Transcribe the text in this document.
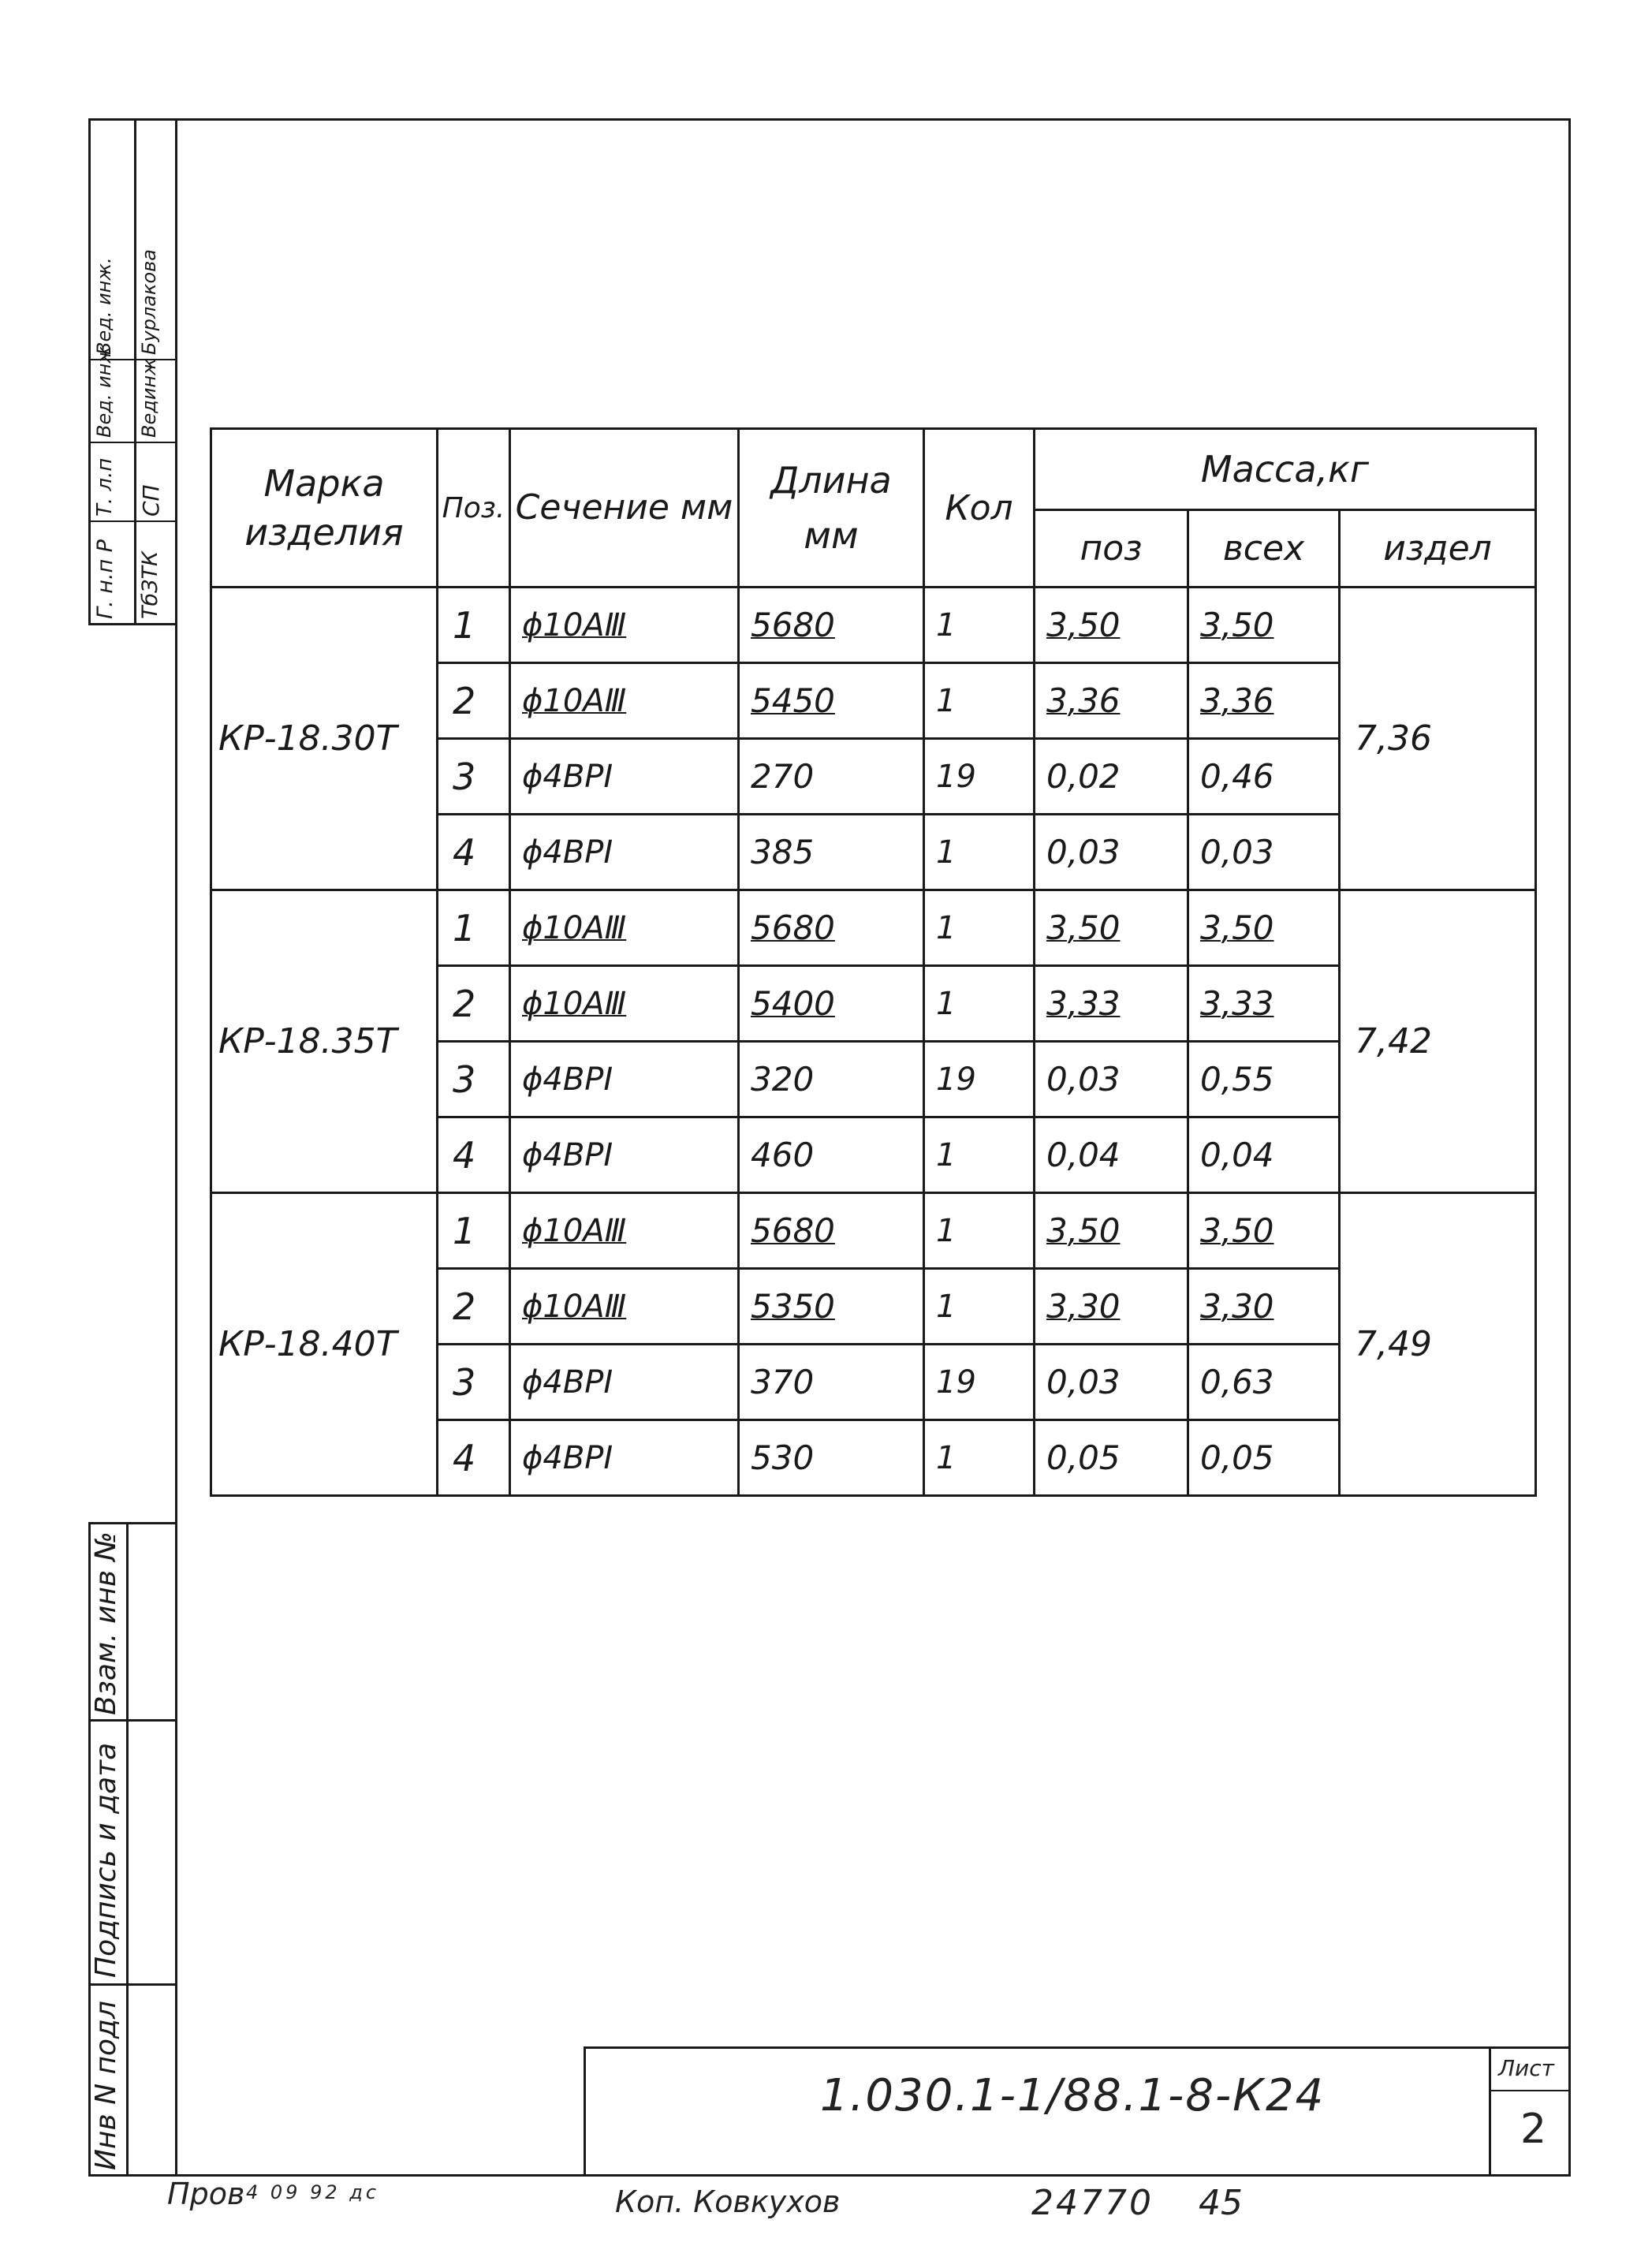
Г. н.п Р ТбЗТК
Т. л.п СП
Вед. инж Вединж
Вед. инж. Бурлакова
Взам. инв №
Подпись и дата
Инв N подл
Марка изделия	Поз.	Сечение мм	Длина мм	Кол	Масса,кг		
					поз	всех	издел
КР-18.30Т	1	ϕ10АⅢ	5680	1	3,50	3,50	7,36
	2	ϕ10АⅢ	5450	1	3,36	3,36	
	3	ϕ4ВРI	270	19	0,02	0,46	
	4	ϕ4ВРI	385	1	0,03	0,03	
КР-18.35Т	1	ϕ10АⅢ	5680	1	3,50	3,50	7,42
	2	ϕ10АⅢ	5400	1	3,33	3,33	
	3	ϕ4ВРI	320	19	0,03	0,55	
	4	ϕ4ВРI	460	1	0,04	0,04	
КР-18.40Т	1	ϕ10АⅢ	5680	1	3,50	3,50	7,49
	2	ϕ10АⅢ	5350	1	3,30	3,30	
	3	ϕ4ВРI	370	19	0,03	0,63	
	4	ϕ4ВРI	530	1	0,05	0,05	
1.030.1-1/88.1-8-К24
Лист
2
Пров 4 09 92 дс	Коп. Ковкухов	24770 45
